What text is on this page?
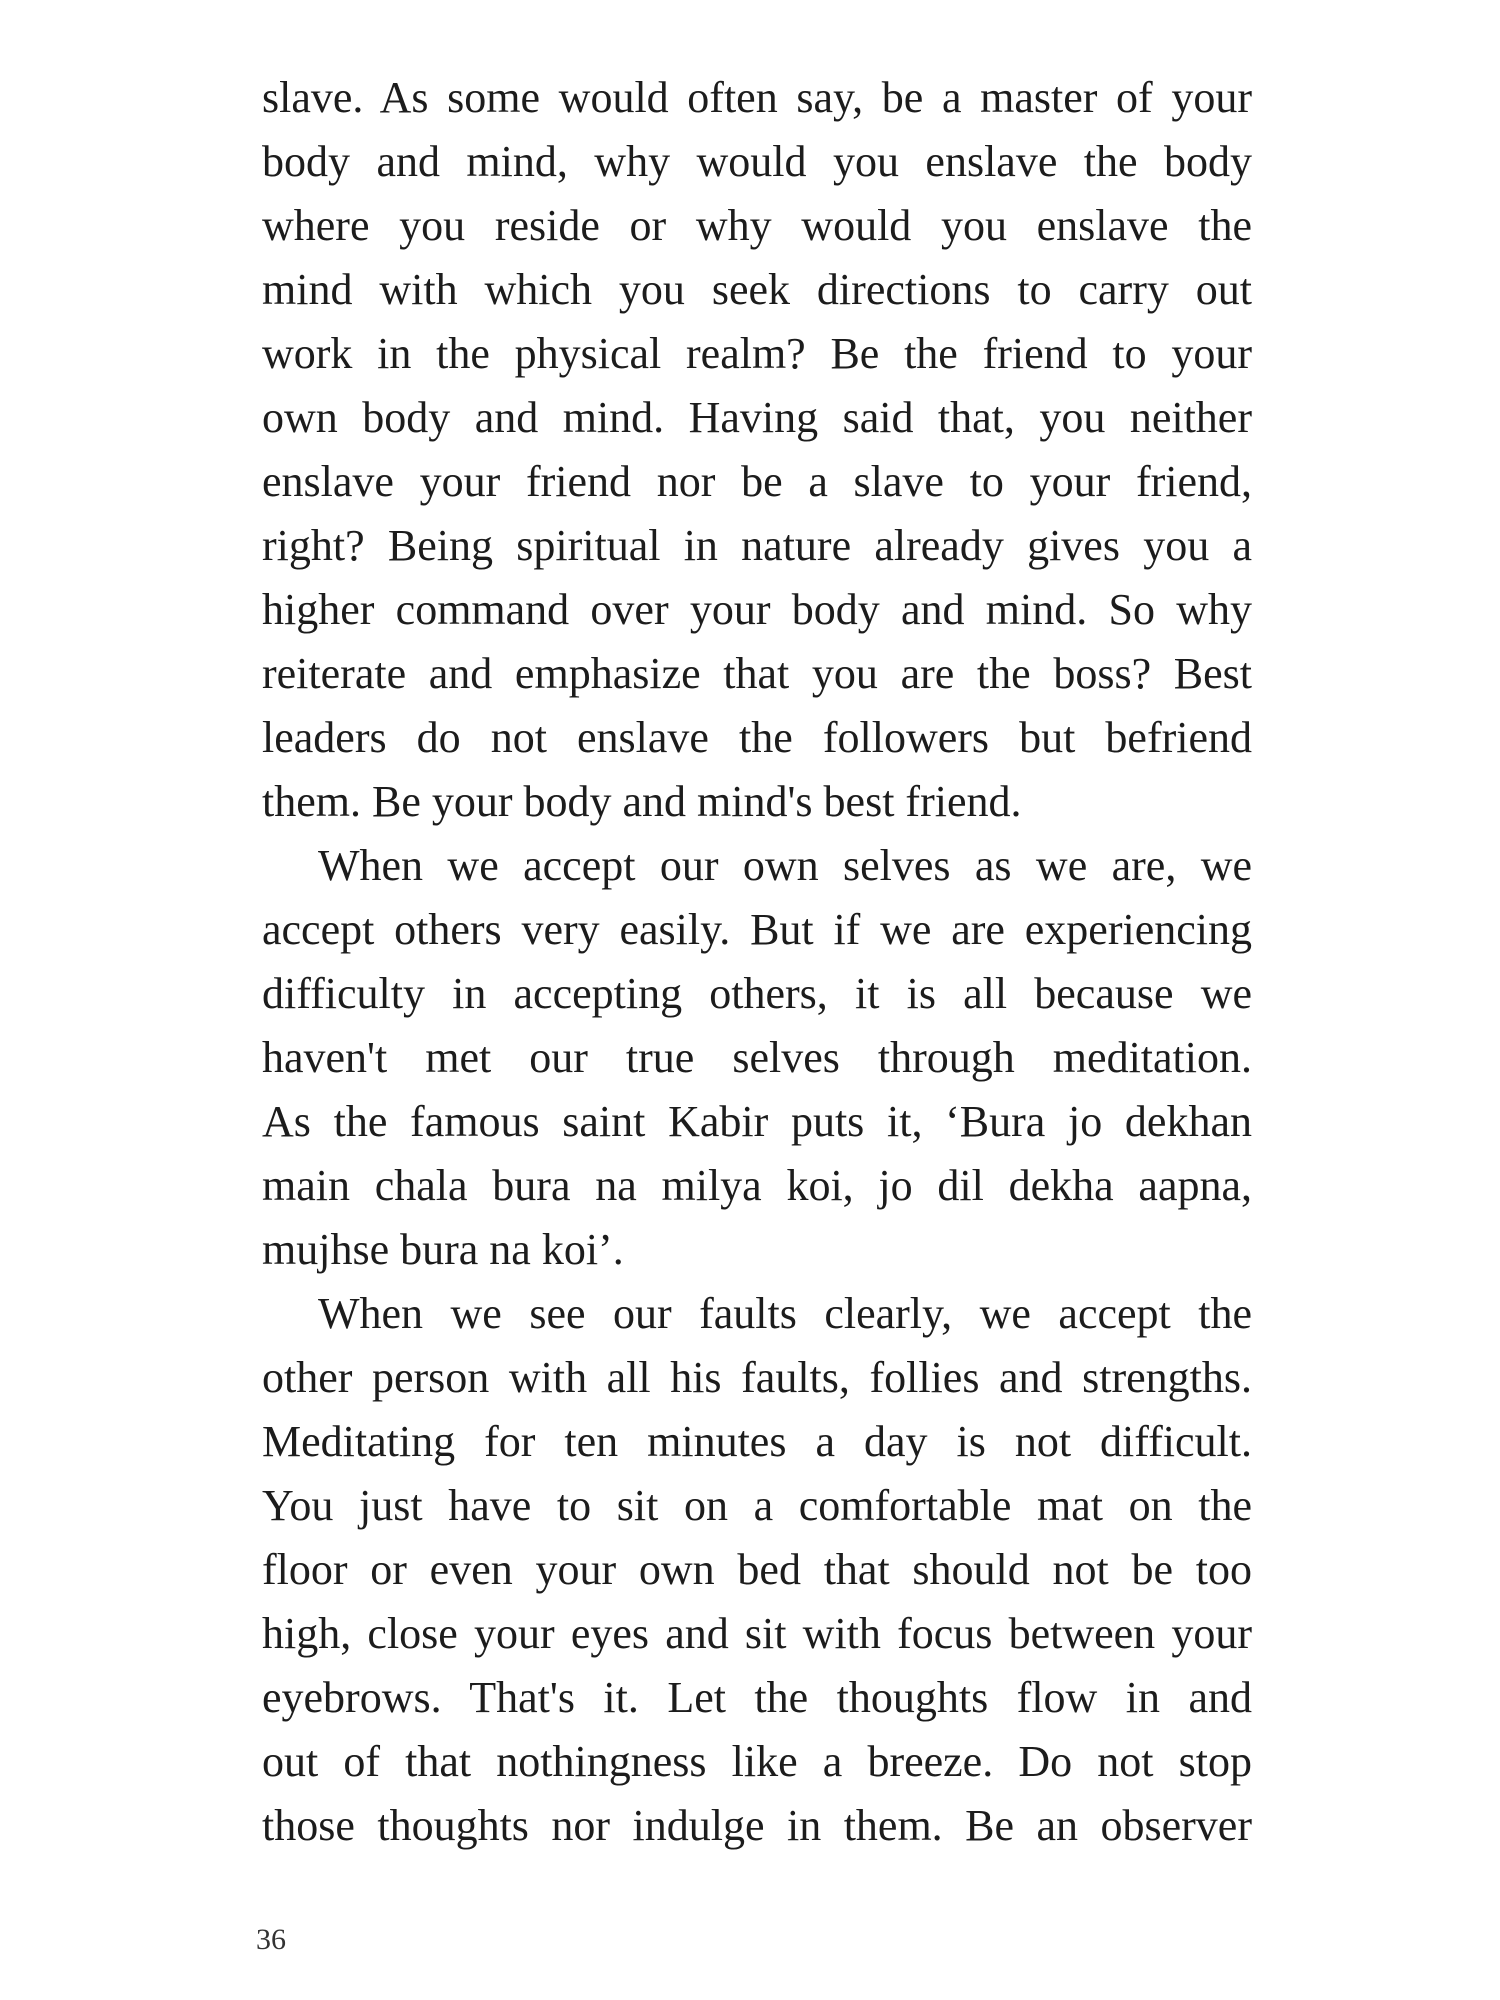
slave. As some would often say, be a master of your
body and mind, why would you enslave the body
where you reside or why would you enslave the
mind with which you seek directions to carry out
work in the physical realm? Be the friend to your
own body and mind. Having said that, you neither
enslave your friend nor be a slave to your friend,
right? Being spiritual in nature already gives you a
higher command over your body and mind. So why
reiterate and emphasize that you are the boss? Best
leaders do not enslave the followers but befriend
them. Be your body and mind's best friend.
When we accept our own selves as we are, we
accept others very easily. But if we are experiencing
difficulty in accepting others, it is all because we
haven't met our true selves through meditation.
As the famous saint Kabir puts it, ‘Bura jo dekhan
main chala bura na milya koi, jo dil dekha aapna,
mujhse bura na koi’.
When we see our faults clearly, we accept the
other person with all his faults, follies and strengths.
Meditating for ten minutes a day is not difficult.
You just have to sit on a comfortable mat on the
floor or even your own bed that should not be too
high, close your eyes and sit with focus between your
eyebrows. That's it. Let the thoughts flow in and
out of that nothingness like a breeze. Do not stop
those thoughts nor indulge in them. Be an observer
36
